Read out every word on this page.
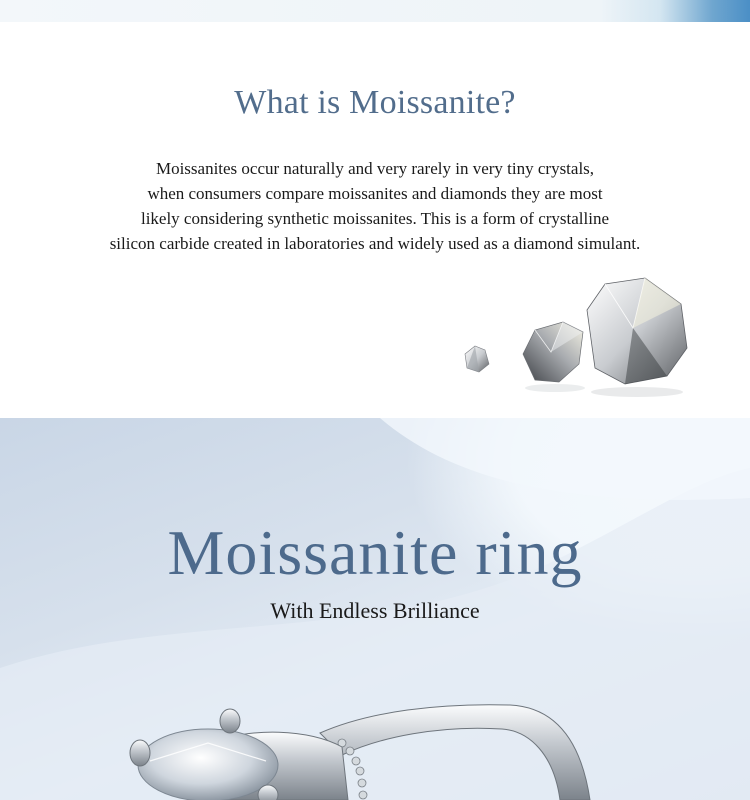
What is Moissanite?
Moissanites occur naturally and very rarely in very tiny crystals,
when consumers compare moissanites and diamonds they are most
likely considering synthetic moissanites. This is a form of crystalline
silicon carbide created in laboratories and widely used as a diamond simulant.
Moissanite ring
With Endless Brilliance
